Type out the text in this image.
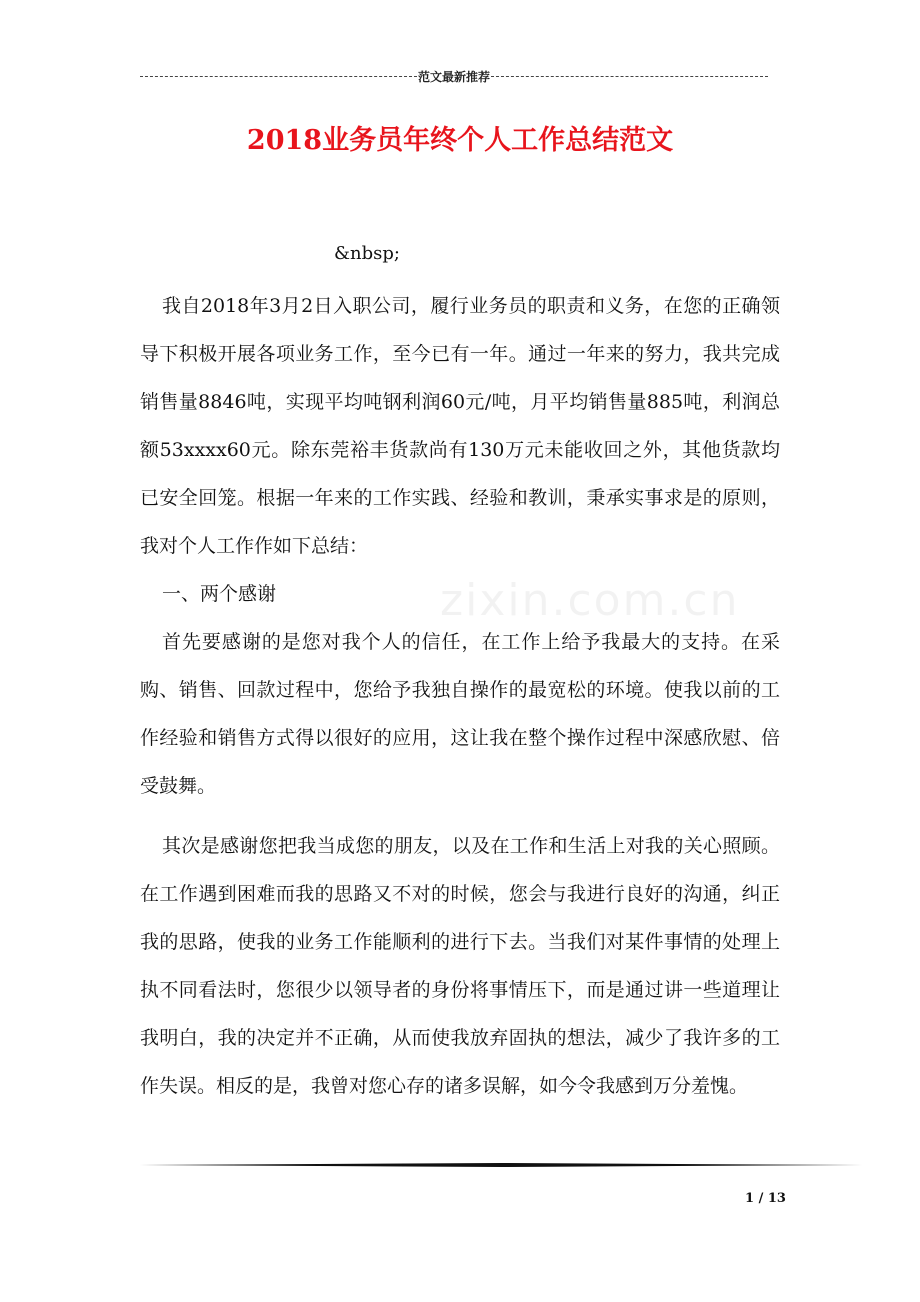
范文最新推荐
2018业务员年终个人工作总结范文
&nbsp;
zixin.com.cn

我自2018年3月2日入职公司，履行业务员的职责和义务，在您的正确领导下积极开展各项业务工作，至今已有一年。通过一年来的努力，我共完成销售量8846吨，实现平均吨钢利润60元/吨，月平均销售量885吨，利润总额53xxxx60元。除东莞裕丰货款尚有130万元未能收回之外，其他货款均已安全回笼。根据一年来的工作实践、经验和教训，秉承实事求是的原则，我对个人工作作如下总结：

一、两个感谢

首先要感谢的是您对我个人的信任，在工作上给予我最大的支持。在采购、销售、回款过程中，您给予我独自操作的最宽松的环境。使我以前的工作经验和销售方式得以很好的应用，这让我在整个操作过程中深感欣慰、倍受鼓舞。

其次是感谢您把我当成您的朋友，以及在工作和生活上对我的关心照顾。在工作遇到困难而我的思路又不对的时候，您会与我进行良好的沟通，纠正我的思路，使我的业务工作能顺利的进行下去。当我们对某件事情的处理上执不同看法时，您很少以领导者的身份将事情压下，而是通过讲一些道理让我明白，我的决定并不正确，从而使我放弃固执的想法，减少了我许多的工作失误。相反的是，我曾对您心存的诸多误解，如今令我感到万分羞愧。

1 / 13
